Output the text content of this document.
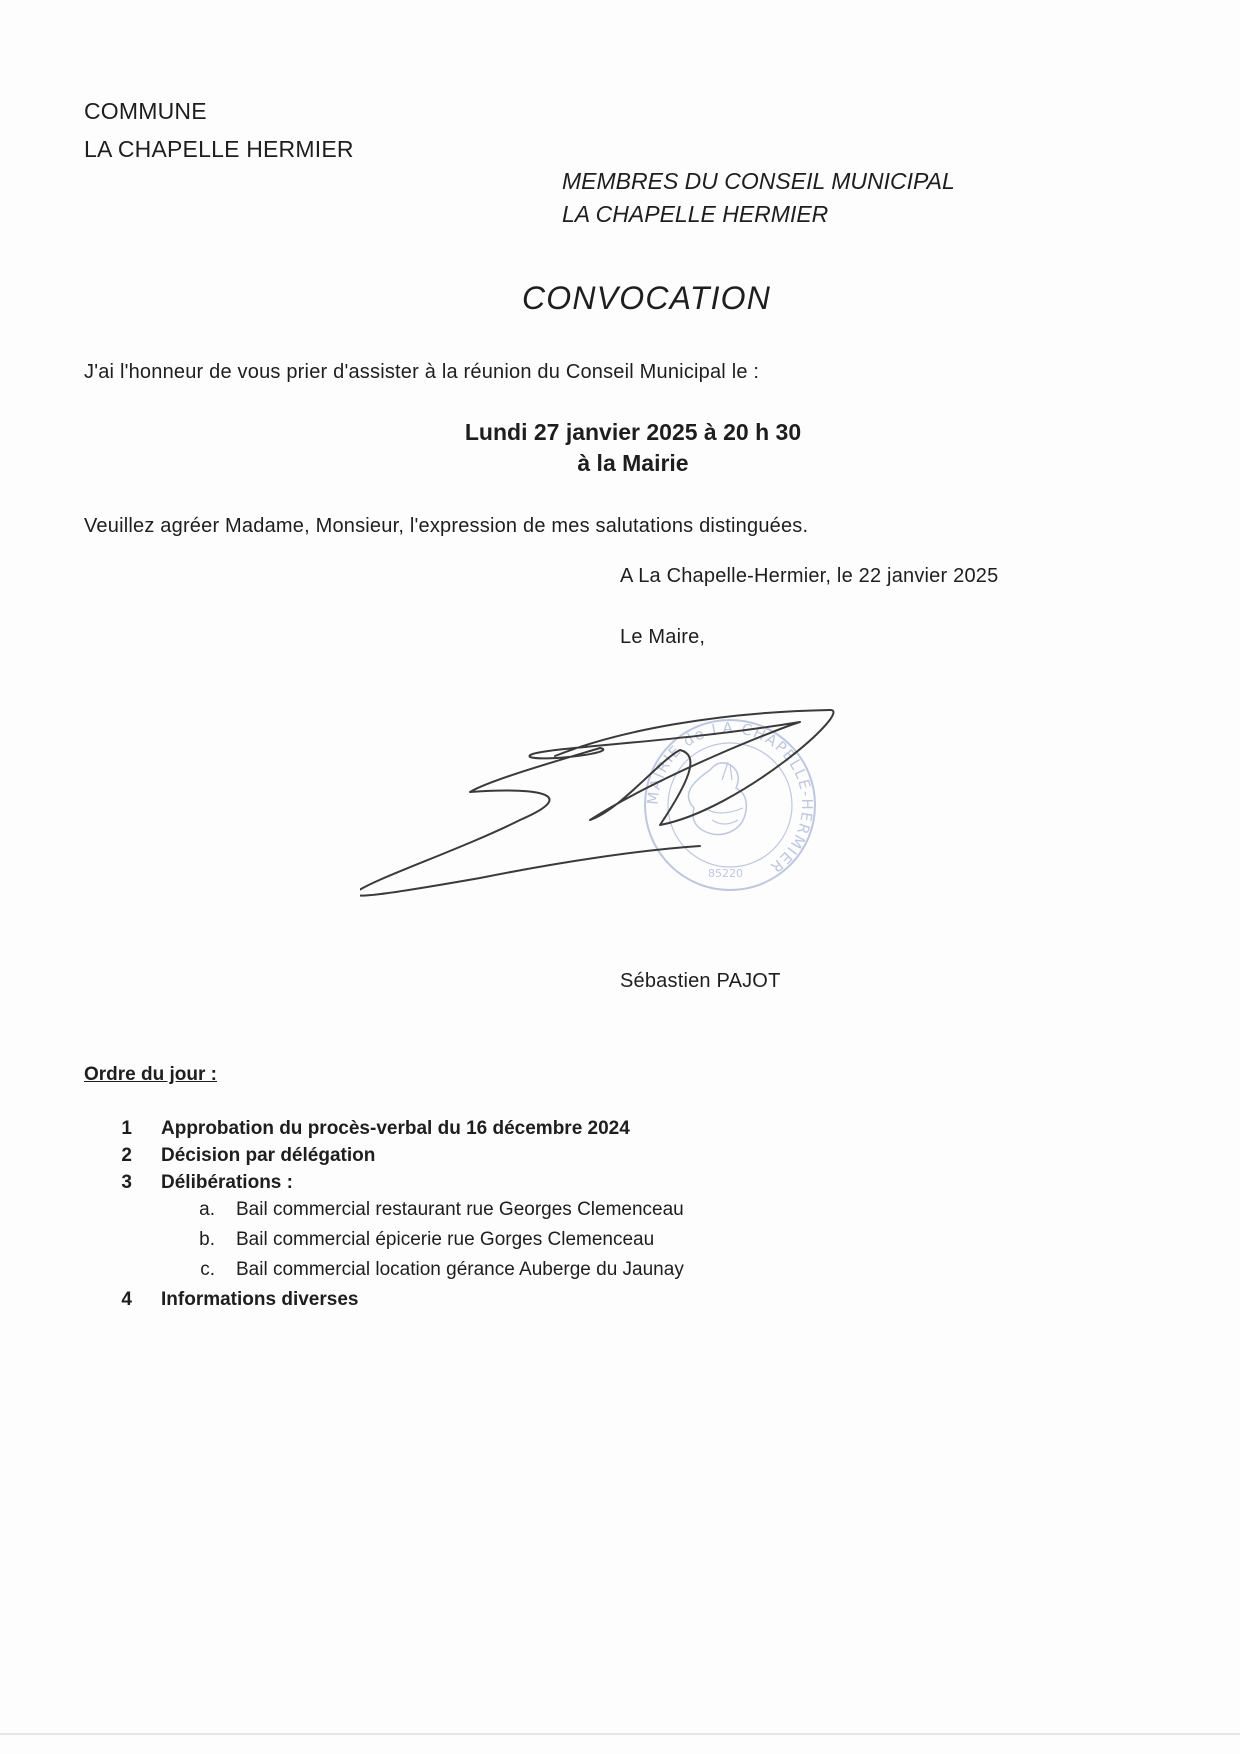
COMMUNE
LA CHAPELLE HERMIER
MEMBRES DU CONSEIL MUNICIPAL
LA CHAPELLE HERMIER
CONVOCATION
J'ai l'honneur de vous prier d'assister à la réunion du Conseil Municipal le :
Lundi 27 janvier 2025 à 20 h 30
à la Mairie
Veuillez agréer Madame, Monsieur, l'expression de mes salutations distinguées.
A La Chapelle-Hermier, le 22 janvier 2025
Le Maire,
MAIRIE de LA CHAPELLE-HERMIER
85220
Sébastien PAJOT
Ordre du jour :
1 Approbation du procès-verbal du 16 décembre 2024
2 Décision par délégation
3 Délibérations :
a. Bail commercial restaurant rue Georges Clemenceau
b. Bail commercial épicerie rue Gorges Clemenceau
c. Bail commercial location gérance Auberge du Jaunay
4 Informations diverses
